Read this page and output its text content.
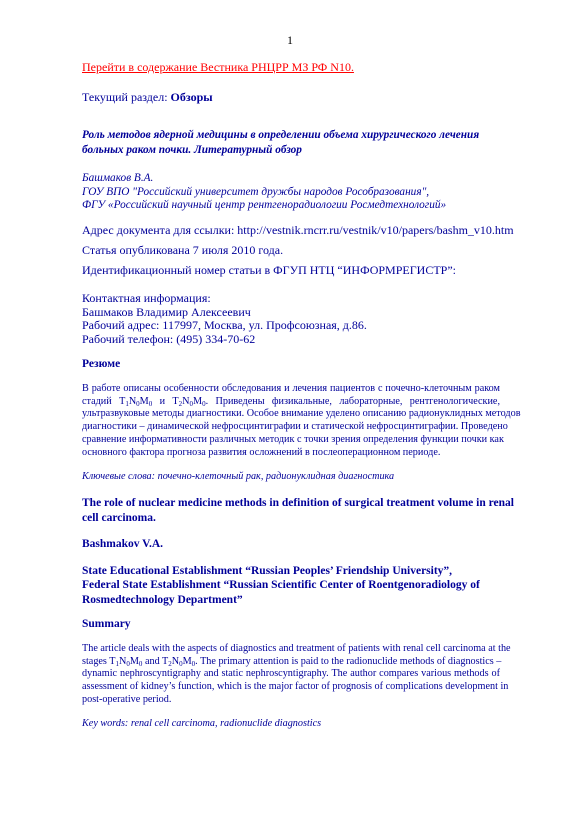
1
Перейти в содержание Вестника РНЦРР МЗ РФ N10.
Текущий раздел: Обзоры
Роль методов ядерной медицины в определении объема хирургического лечения больных раком почки. Литературный обзор
Башмаков В.А.
ГОУ ВПО "Российский университет дружбы народов Рособразования",
ФГУ «Российский научный центр рентгенорадиологии Росмедтехнологий»
Адрес документа для ссылки: http://vestnik.rncrr.ru/vestnik/v10/papers/bashm_v10.htm
Статья опубликована 7 июля 2010 года.
Идентификационный номер статьи в ФГУП НТЦ “ИНФОРМРЕГИСТР”:
Контактная информация:
Башмаков Владимир Алексеевич
Рабочий адрес: 117997, Москва, ул. Профсоюзная, д.86.
Рабочий телефон: (495) 334-70-62
Резюме
В работе описаны особенности обследования и лечения пациентов с почечно-клеточным раком
стадий $Т_1N_0M_0$ и $Т_2N_0M_0$. Приведены физикальные, лабораторные, рентгенологические,
ультразвуковые методы диагностики. Особое внимание уделено описанию радионуклидных методов
диагностики – динамической нефросцинтиграфии и статической нефросцинтиграфии. Проведено
сравнение информативности различных методик с точки зрения определения функции почки как
основного фактора прогноза развития осложнений в послеоперационном периоде.
Ключевые слова: почечно-клеточный рак, радионуклидная диагностика
The role of nuclear medicine methods in definition of surgical treatment volume in renal cell carcinoma.
Bashmakov V.A.
State Educational Establishment “Russian Peoples’ Friendship University”,
Federal State Establishment “Russian Scientific Center of Roentgenoradiology of
Rosmedtechnology Department”
Summary
The article deals with the aspects of diagnostics and treatment of patients with renal cell carcinoma at the
stages $T_1N_0M_0$ and $T_2N_0M_0$. The primary attention is paid to the radionuclide methods of diagnostics –
dynamic nephroscyntigraphy and static nephroscyntigraphy. The author compares various methods of
assessment of kidney’s function, which is the major factor of prognosis of complications development in
post-operative period.
Key words: renal cell carcinoma, radionuclide diagnostics
